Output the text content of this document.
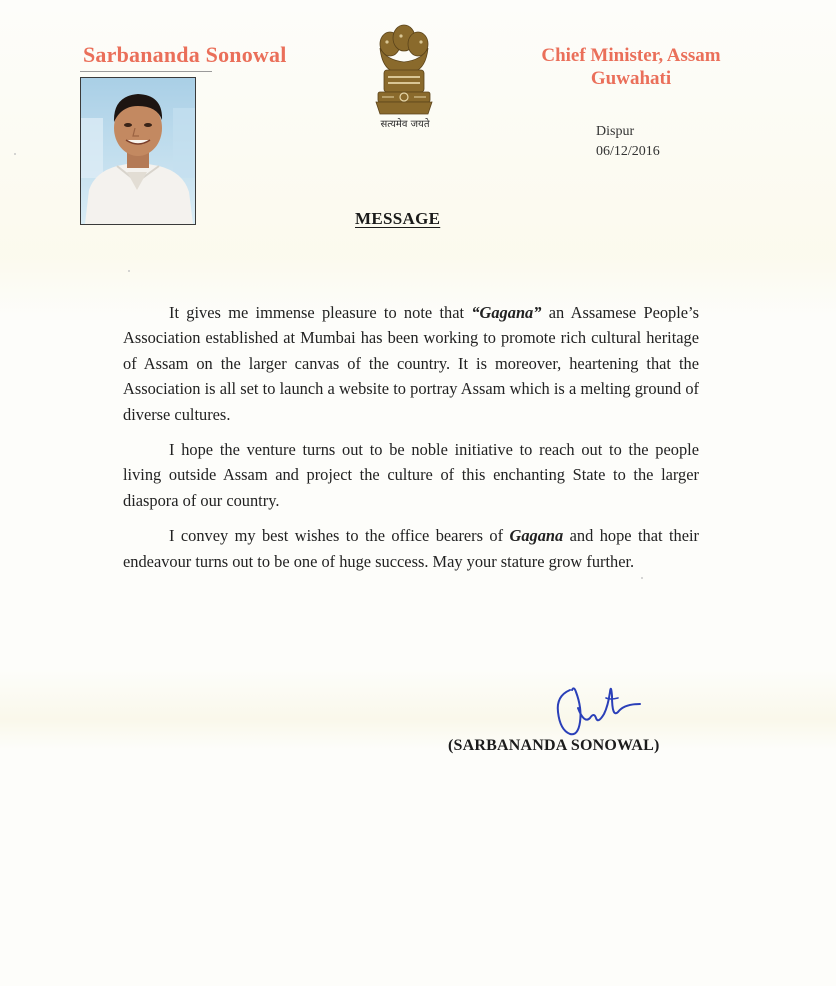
Sarbananda Sonowal
सत्यमेव जयते
Chief Minister, Assam
Guwahati
Dispur
06/12/2016
MESSAGE

It gives me immense pleasure to note that “Gagana” an Assamese People’s Association established at Mumbai has been working to promote rich cultural heritage of Assam on the larger canvas of the country. It is moreover, heartening that the Association is all set to launch a website to portray Assam which is a melting ground of diverse cultures.

I hope the venture turns out to be noble initiative to reach out to the people living outside Assam and project the culture of this enchanting State to the larger diaspora of our country.

I convey my best wishes to the office bearers of Gagana and hope that their endeavour turns out to be one of huge success. May your stature grow further.

(SARBANANDA SONOWAL)
